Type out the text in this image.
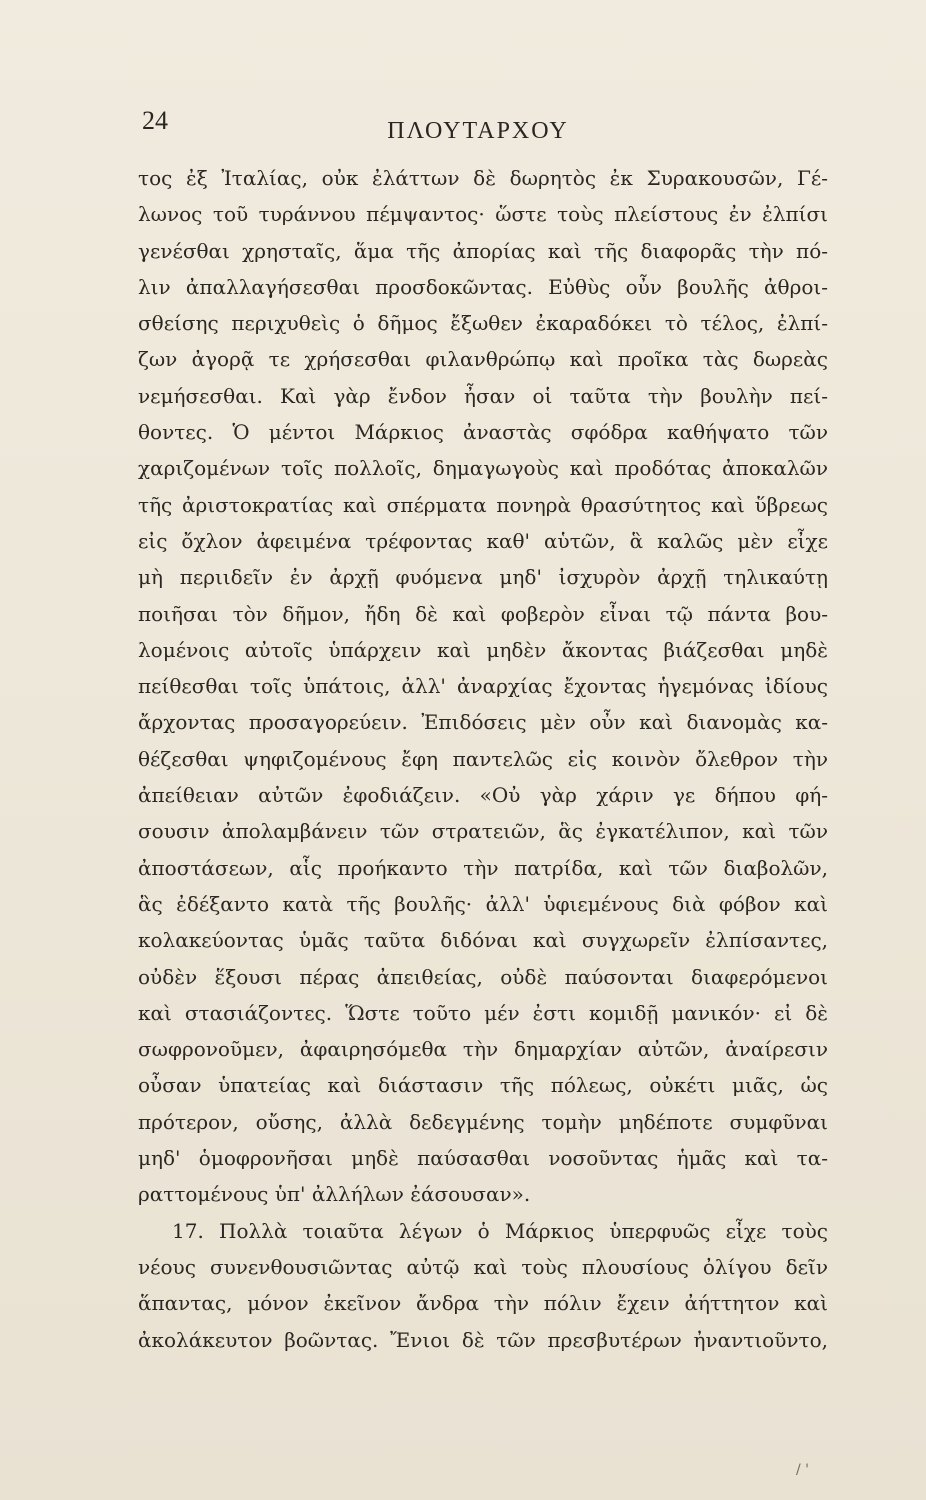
24	ΠΛΟΥΤΑΡΧΟΥ
τος ἐξ Ἰταλίας, οὐκ ἐλάττων δὲ δωρητὸς ἐκ Συρακουσῶν, Γέ-
λωνος τοῦ τυράννου πέμψαντος· ὥστε τοὺς πλείστους ἐν ἐλπίσι
γενέσθαι χρησταῖς, ἅμα τῆς ἀπορίας καὶ τῆς διαφορᾶς τὴν πό-
λιν ἀπαλλαγήσεσθαι προσδοκῶντας. Εὐθὺς οὖν βουλῆς ἀθροι-
σθείσης περιχυθεὶς ὁ δῆμος ἔξωθεν ἐκαραδόκει τὸ τέλος, ἐλπί-
ζων ἀγορᾷ τε χρήσεσθαι φιλανθρώπῳ καὶ προῖκα τὰς δωρεὰς
νεμήσεσθαι. Καὶ γὰρ ἔνδον ἦσαν οἱ ταῦτα τὴν βουλὴν πεί-
θοντες. Ὁ μέντοι Μάρκιος ἀναστὰς σφόδρα καθήψατο τῶν
χαριζομένων τοῖς πολλοῖς, δημαγωγοὺς καὶ προδότας ἀποκαλῶν
τῆς ἀριστοκρατίας καὶ σπέρματα πονηρὰ θρασύτητος καὶ ὕβρεως
εἰς ὄχλον ἀφειμένα τρέφοντας καθ' αὑτῶν, ἃ καλῶς μὲν εἶχε
μὴ περιιδεῖν ἐν ἀρχῇ φυόμενα μηδ' ἰσχυρὸν ἀρχῇ τηλικαύτῃ
ποιῆσαι τὸν δῆμον, ἤδη δὲ καὶ φοβερὸν εἶναι τῷ πάντα βου-
λομένοις αὐτοῖς ὑπάρχειν καὶ μηδὲν ἄκοντας βιάζεσθαι μηδὲ
πείθεσθαι τοῖς ὑπάτοις, ἀλλ' ἀναρχίας ἔχοντας ἡγεμόνας ἰδίους
ἄρχοντας προσαγορεύειν. Ἐπιδόσεις μὲν οὖν καὶ διανομὰς κα-
θέζεσθαι ψηφιζομένους ἔφη παντελῶς εἰς κοινὸν ὄλεθρον τὴν
ἀπείθειαν αὐτῶν ἐφοδιάζειν. «Οὐ γὰρ χάριν γε δήπου φή-
σουσιν ἀπολαμβάνειν τῶν στρατειῶν, ἃς ἐγκατέλιπον, καὶ τῶν
ἀποστάσεων, αἷς προήκαντο τὴν πατρίδα, καὶ τῶν διαβολῶν,
ἃς ἐδέξαντο κατὰ τῆς βουλῆς· ἀλλ' ὑφιεμένους διὰ φόβον καὶ
κολακεύοντας ὑμᾶς ταῦτα διδόναι καὶ συγχωρεῖν ἐλπίσαντες,
οὐδὲν ἕξουσι πέρας ἀπειθείας, οὐδὲ παύσονται διαφερόμενοι
καὶ στασιάζοντες. Ὥστε τοῦτο μέν ἐστι κομιδῇ μανικόν· εἰ δὲ
σωφρονοῦμεν, ἀφαιρησόμεθα τὴν δημαρχίαν αὐτῶν, ἀναίρεσιν
οὖσαν ὑπατείας καὶ διάστασιν τῆς πόλεως, οὐκέτι μιᾶς, ὡς
πρότερον, οὔσης, ἀλλὰ δεδεγμένης τομὴν μηδέποτε συμφῦναι
μηδ' ὁμοφρονῆσαι μηδὲ παύσασθαι νοσοῦντας ἡμᾶς καὶ τα-
ραττομένους ὑπ' ἀλλήλων ἐάσουσαν».
17. Πολλὰ τοιαῦτα λέγων ὁ Μάρκιος ὑπερφυῶς εἶχε τοὺς
νέους συνενθουσιῶντας αὐτῷ καὶ τοὺς πλουσίους ὀλίγου δεῖν
ἅπαντας, μόνον ἐκεῖνον ἄνδρα τὴν πόλιν ἔχειν ἀήττητον καὶ
ἀκολάκευτον βοῶντας. Ἔνιοι δὲ τῶν πρεσβυτέρων ἠναντιοῦντο,
/ '
